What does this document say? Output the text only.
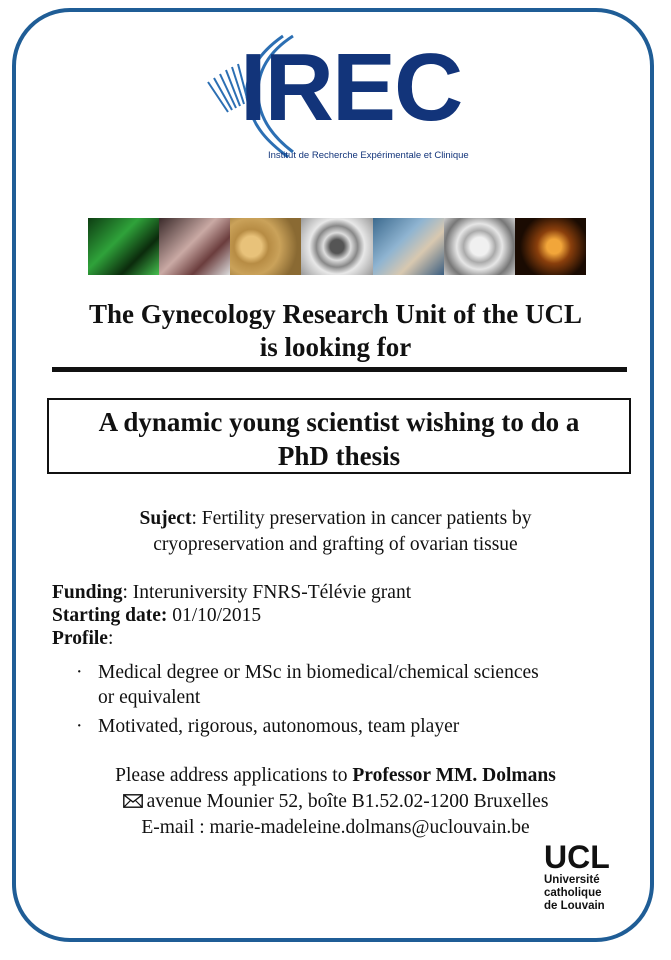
IREC
Institut de Recherche Expérimentale et Clinique
The Gynecology Research Unit of the UCL
is looking for
A dynamic young scientist wishing to do a
PhD thesis
Suject: Fertility preservation in cancer patients by
cryopreservation and grafting of ovarian tissue
Funding: Interuniversity FNRS-Télévie grant
Starting date: 01/10/2015
Profile:
· Medical degree or MSc in biomedical/chemical sciences
or equivalent
· Motivated, rigorous, autonomous, team player
Please address applications to Professor MM. Dolmans
avenue Mounier 52, boîte B1.52.02-1200 Bruxelles
E-mail : marie-madeleine.dolmans@uclouvain.be
UCL
Université
catholique
de Louvain
